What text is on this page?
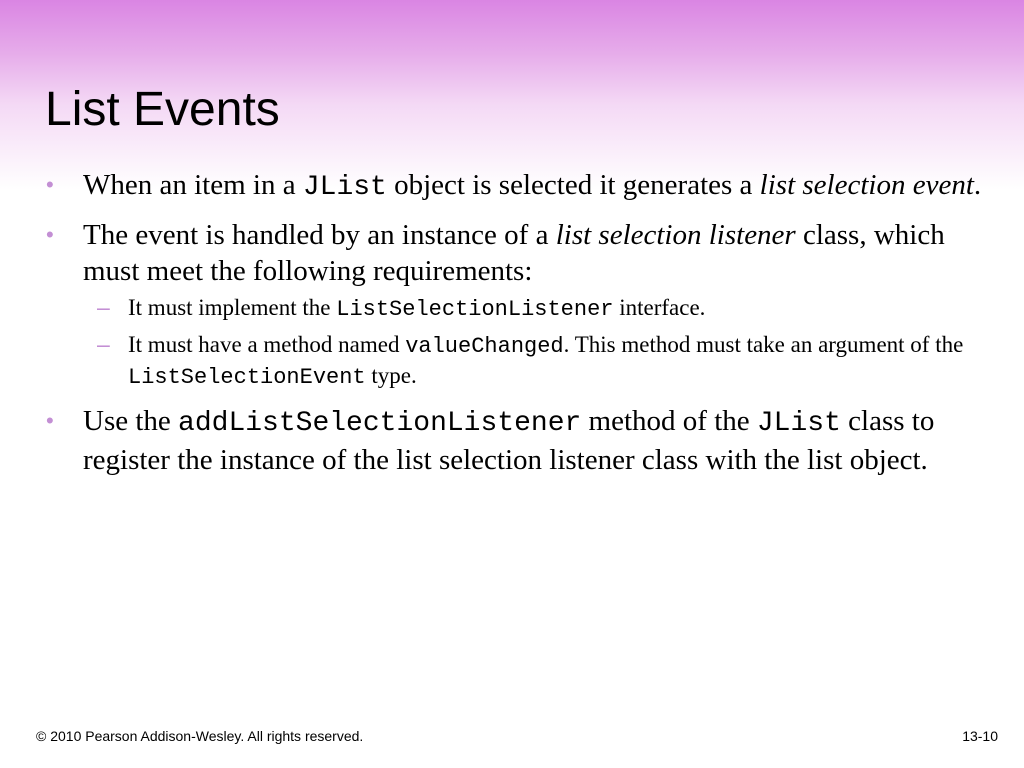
List Events
• When an item in a JList object is selected it generates a list selection event.
• The event is handled by an instance of a list selection listener class, which must meet the following requirements:
– It must implement the ListSelectionListener interface.
– It must have a method named valueChanged. This method must take an argument of the ListSelectionEvent type.
• Use the addListSelectionListener method of the JList class to register the instance of the list selection listener class with the list object.
© 2010 Pearson Addison-Wesley. All rights reserved.	13-10
